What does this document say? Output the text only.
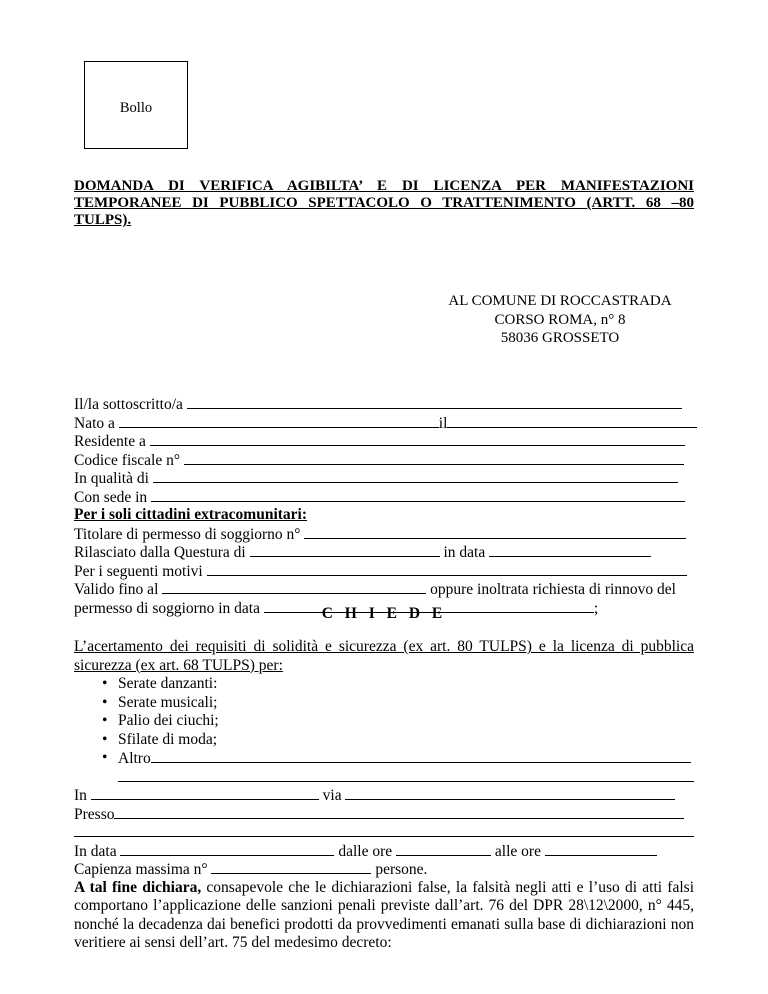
Bollo
DOMANDA DI VERIFICA AGIBILTA’ E DI LICENZA PER MANIFESTAZIONI TEMPORANEE DI PUBBLICO SPETTACOLO O TRATTENIMENTO (ARTT. 68 –80 TULPS).
AL COMUNE DI ROCCASTRADA
CORSO ROMA, n° 8
58036 GROSSETO
Il/la sottoscritto/a
Nato a	il
Residente a
Codice fiscale n°
In qualità di
Con sede in
Per i soli cittadini extracomunitari:
Titolare di permesso di soggiorno n°
Rilasciato dalla Questura di	in data
Per i seguenti motivi
Valido fino al	oppure inoltrata richiesta di rinnovo del
permesso di soggiorno in data	;
C H I E D E
L’acertamento dei requisiti di solidità e sicurezza (ex art. 80 TULPS) e la licenza di pubblica sicurezza (ex art. 68 TULPS) per:
• Serate danzanti:
• Serate musicali;
• Palio dei ciuchi;
• Sfilate di moda;
• Altro
In	via
Presso
In data	dalle ore	alle ore
Capienza massima n°	persone.
A tal fine dichiara, consapevole che le dichiarazioni false, la falsità negli atti e l’uso di atti falsi comportano l’applicazione delle sanzioni penali previste dall’art. 76 del DPR 28\12\2000, n° 445, nonché la decadenza dai benefici prodotti da provvedimenti emanati sulla base di dichiarazioni non veritiere ai sensi dell’art. 75 del medesimo decreto:
